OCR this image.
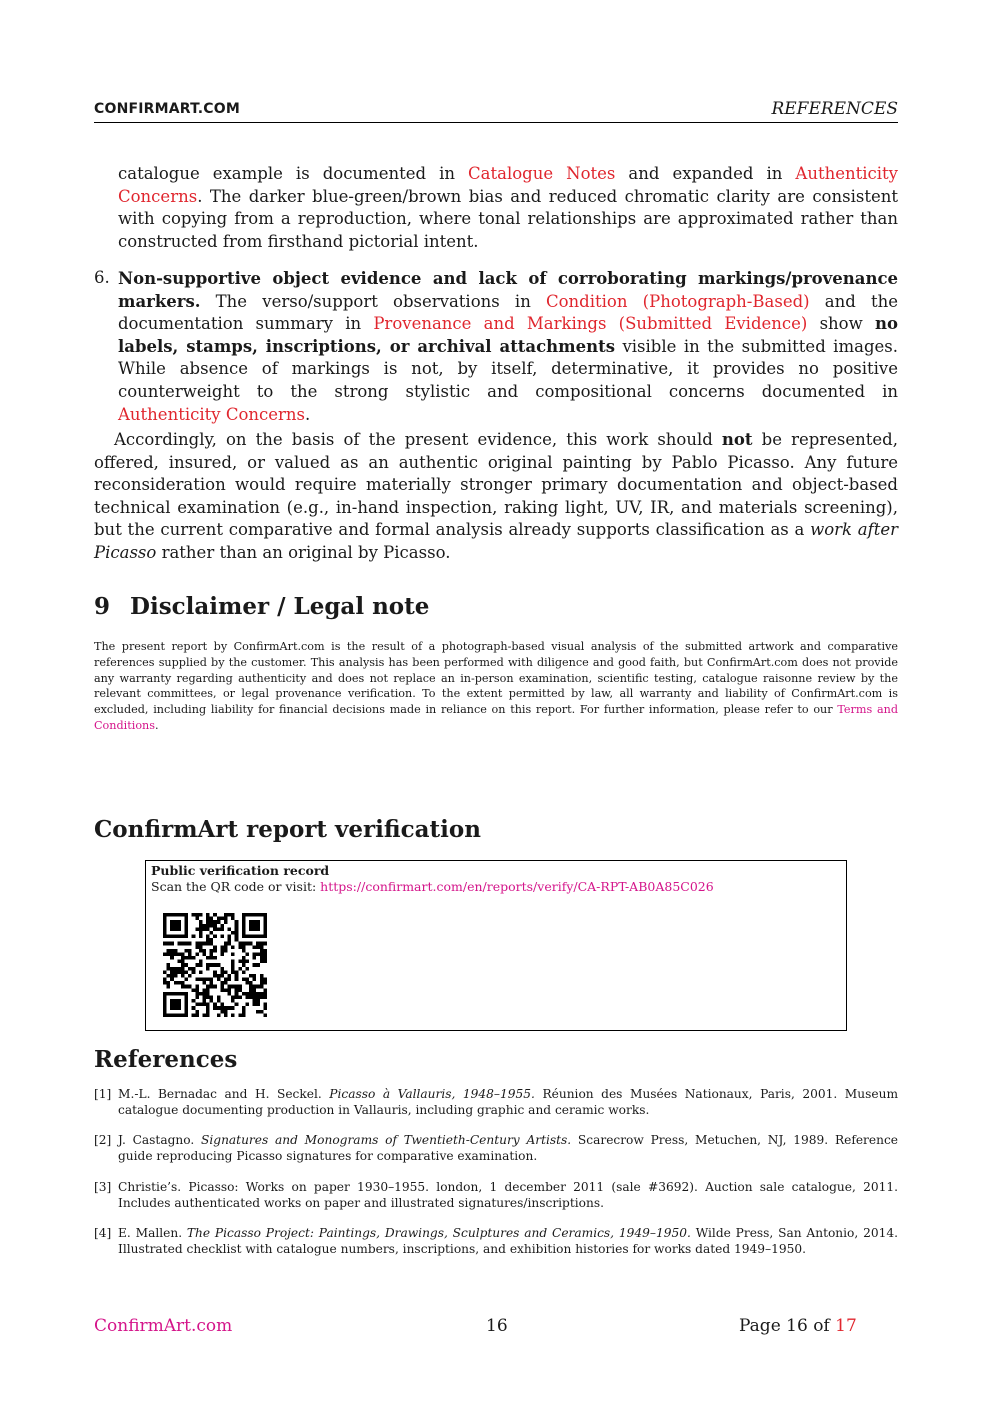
CONFIRMART.COM	REFERENCES
catalogue example is documented in Catalogue Notes and expanded in Authenticity Concerns. The darker blue-green/brown bias and reduced chromatic clarity are consistent with copying from a reproduction, where tonal relationships are approximated rather than constructed from firsthand pictorial intent.
6. Non-supportive object evidence and lack of corroborating markings/provenance markers. The verso/support observations in Condition (Photograph-Based) and the documentation summary in Provenance and Markings (Submitted Evidence) show no labels, stamps, inscriptions, or archival attachments visible in the submitted images. While absence of markings is not, by itself, determinative, it provides no positive counterweight to the strong stylistic and compositional concerns documented in Authenticity Concerns.
Accordingly, on the basis of the present evidence, this work should not be represented, offered, insured, or valued as an authentic original painting by Pablo Picasso. Any future reconsideration would require materially stronger primary documentation and object-based technical examination (e.g., in-hand inspection, raking light, UV, IR, and materials screening), but the current comparative and formal analysis already supports classification as a work after Picasso rather than an original by Picasso.
9 Disclaimer / Legal note
The present report by ConfirmArt.com is the result of a photograph-based visual analysis of the submitted artwork and comparative references supplied by the customer. This analysis has been performed with diligence and good faith, but ConfirmArt.com does not provide any warranty regarding authenticity and does not replace an in-person examination, scientific testing, catalogue raisonne review by the relevant committees, or legal provenance verification. To the extent permitted by law, all warranty and liability of ConfirmArt.com is excluded, including liability for financial decisions made in reliance on this report. For further information, please refer to our Terms and Conditions.
ConfirmArt report verification
Public verification record
Scan the QR code or visit: https://confirmart.com/en/reports/verify/CA-RPT-AB0A85C026
References
[1] M.-L. Bernadac and H. Seckel. Picasso à Vallauris, 1948–1955. Réunion des Musées Nationaux, Paris, 2001. Museum catalogue documenting production in Vallauris, including graphic and ceramic works.
[2] J. Castagno. Signatures and Monograms of Twentieth-Century Artists. Scarecrow Press, Metuchen, NJ, 1989. Reference guide reproducing Picasso signatures for comparative examination.
[3] Christie’s. Picasso: Works on paper 1930–1955. london, 1 december 2011 (sale #3692). Auction sale catalogue, 2011. Includes authenticated works on paper and illustrated signatures/inscriptions.
[4] E. Mallen. The Picasso Project: Paintings, Drawings, Sculptures and Ceramics, 1949–1950. Wilde Press, San Antonio, 2014. Illustrated checklist with catalogue numbers, inscriptions, and exhibition histories for works dated 1949–1950.
ConfirmArt.com	16	Page 16 of 17
